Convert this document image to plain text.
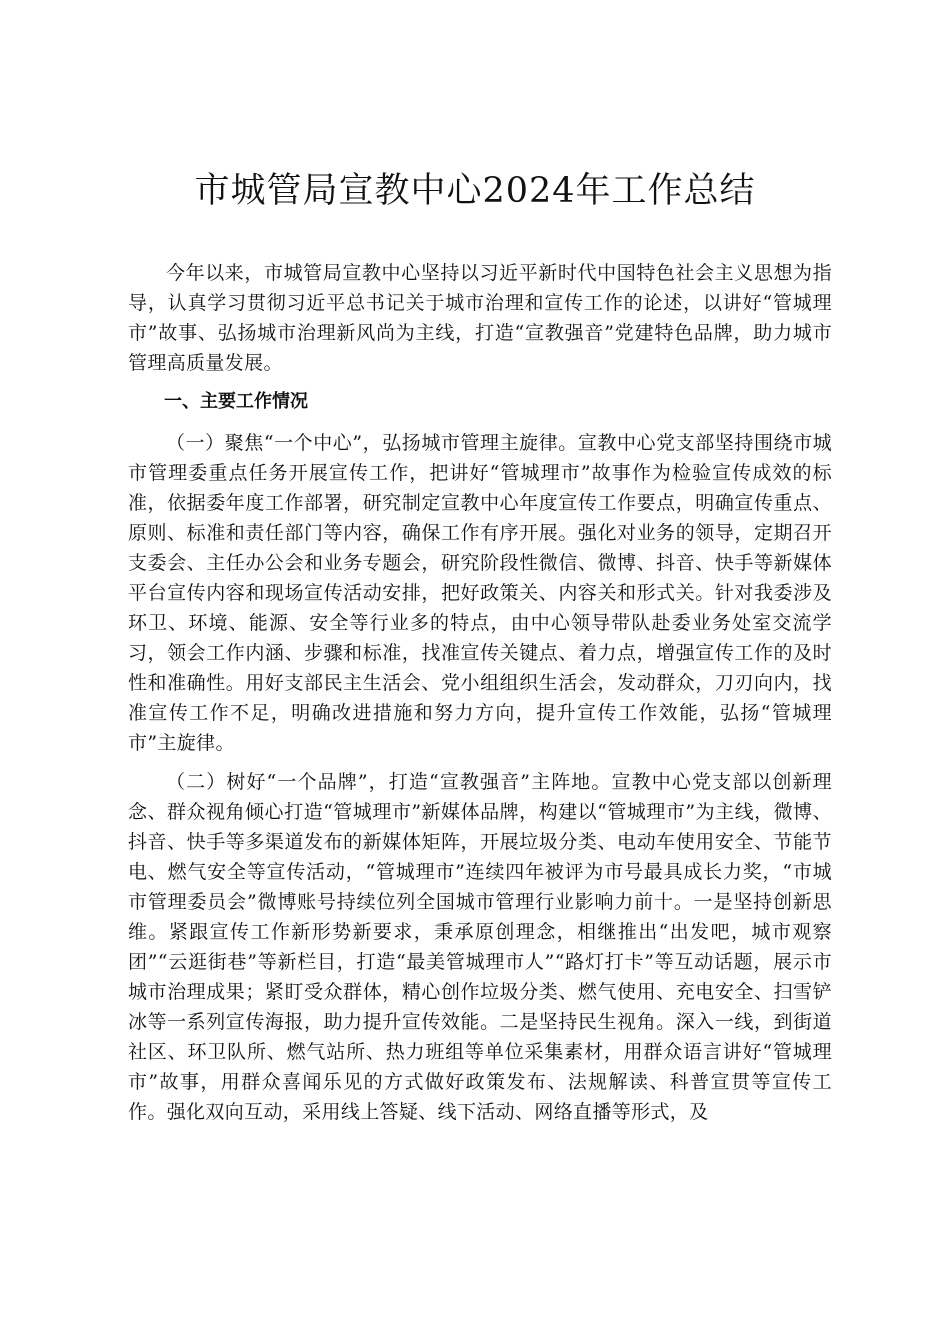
市城管局宣教中心2024年工作总结

今年以来，市城管局宣教中心坚持以习近平新时代中国特色社会主义思想为指导，认真学习贯彻习近平总书记关于城市治理和宣传工作的论述，以讲好“管城理市”故事、弘扬城市治理新风尚为主线，打造“宣教强音”党建特色品牌，助力城市管理高质量发展。

一、主要工作情况

（一）聚焦“一个中心”，弘扬城市管理主旋律。宣教中心党支部坚持围绕市城市管理委重点任务开展宣传工作，把讲好“管城理市”故事作为检验宣传成效的标准，依据委年度工作部署，研究制定宣教中心年度宣传工作要点，明确宣传重点、原则、标准和责任部门等内容，确保工作有序开展。强化对业务的领导，定期召开支委会、主任办公会和业务专题会，研究阶段性微信、微博、抖音、快手等新媒体平台宣传内容和现场宣传活动安排，把好政策关、内容关和形式关。针对我委涉及环卫、环境、能源、安全等行业多的特点，由中心领导带队赴委业务处室交流学习，领会工作内涵、步骤和标准，找准宣传关键点、着力点，增强宣传工作的及时性和准确性。用好支部民主生活会、党小组组织生活会，发动群众，刀刃向内，找准宣传工作不足，明确改进措施和努力方向，提升宣传工作效能，弘扬“管城理市”主旋律。

（二）树好“一个品牌”，打造“宣教强音”主阵地。宣教中心党支部以创新理念、群众视角倾心打造“管城理市”新媒体品牌，构建以“管城理市”为主线，微博、抖音、快手等多渠道发布的新媒体矩阵，开展垃圾分类、电动车使用安全、节能节电、燃气安全等宣传活动，“管城理市”连续四年被评为市号最具成长力奖，“市城市管理委员会”微博账号持续位列全国城市管理行业影响力前十。一是坚持创新思维。紧跟宣传工作新形势新要求，秉承原创理念，相继推出“出发吧，城市观察团”“云逛街巷”等新栏目，打造“最美管城理市人”“路灯打卡”等互动话题，展示市城市治理成果；紧盯受众群体，精心创作垃圾分类、燃气使用、充电安全、扫雪铲冰等一系列宣传海报，助力提升宣传效能。二是坚持民生视角。深入一线，到街道社区、环卫队所、燃气站所、热力班组等单位采集素材，用群众语言讲好“管城理市”故事，用群众喜闻乐见的方式做好政策发布、法规解读、科普宣贯等宣传工作。强化双向互动，采用线上答疑、线下活动、网络直播等形式，及
